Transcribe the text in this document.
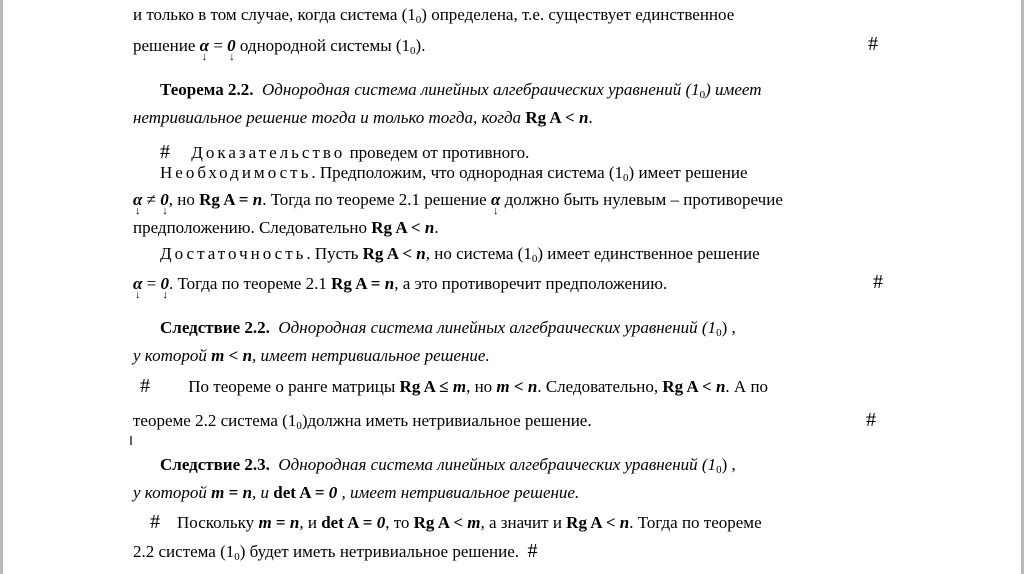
и только в том случае, когда система $(1_0)$ определена, т.е. существует единственное
решение α ↓ = 0 ↓ однородной системы $(1_0)$.	#
Теорема 2.2. Однородная система линейных алгебраических уравнений $(1_0)$ имеет
нетривиальное решение тогда и только тогда, когда Rg A < n.
# Доказательство проведем от противного.
Необходимость. Предположим, что однородная система $(1_0)$ имеет решение
α ↓ ≠ 0 ↓, но Rg A = n. Тогда по теореме 2.1 решение α ↓ должно быть нулевым – противоречие
предположению. Следовательно Rg A < n.
Достаточность. Пусть Rg A < n, но система $(1_0)$ имеет единственное решение
α ↓ = 0 ↓. Тогда по теореме 2.1 Rg A = n, а это противоречит предположению.	#
Следствие 2.2. Однородная система линейных алгебраических уравнений $(1_0)$ ,
у которой m < n, имеет нетривиальное решение.
# По теореме о ранге матрицы Rg A ≤ m, но m < n. Следовательно, Rg A < n. А по
теореме 2.2 система $(1_0)должна$ иметь нетривиальное решение.	#
Следствие 2.3. Однородная система линейных алгебраических уравнений $(1_0)$ ,
у которой m = n, и det A = 0 , имеет нетривиальное решение.
# Поскольку m = n, и det A = 0, то Rg A < m, а значит и Rg A < n. Тогда по теореме
2.2 система $(1_0)$ будет иметь нетривиальное решение. #
